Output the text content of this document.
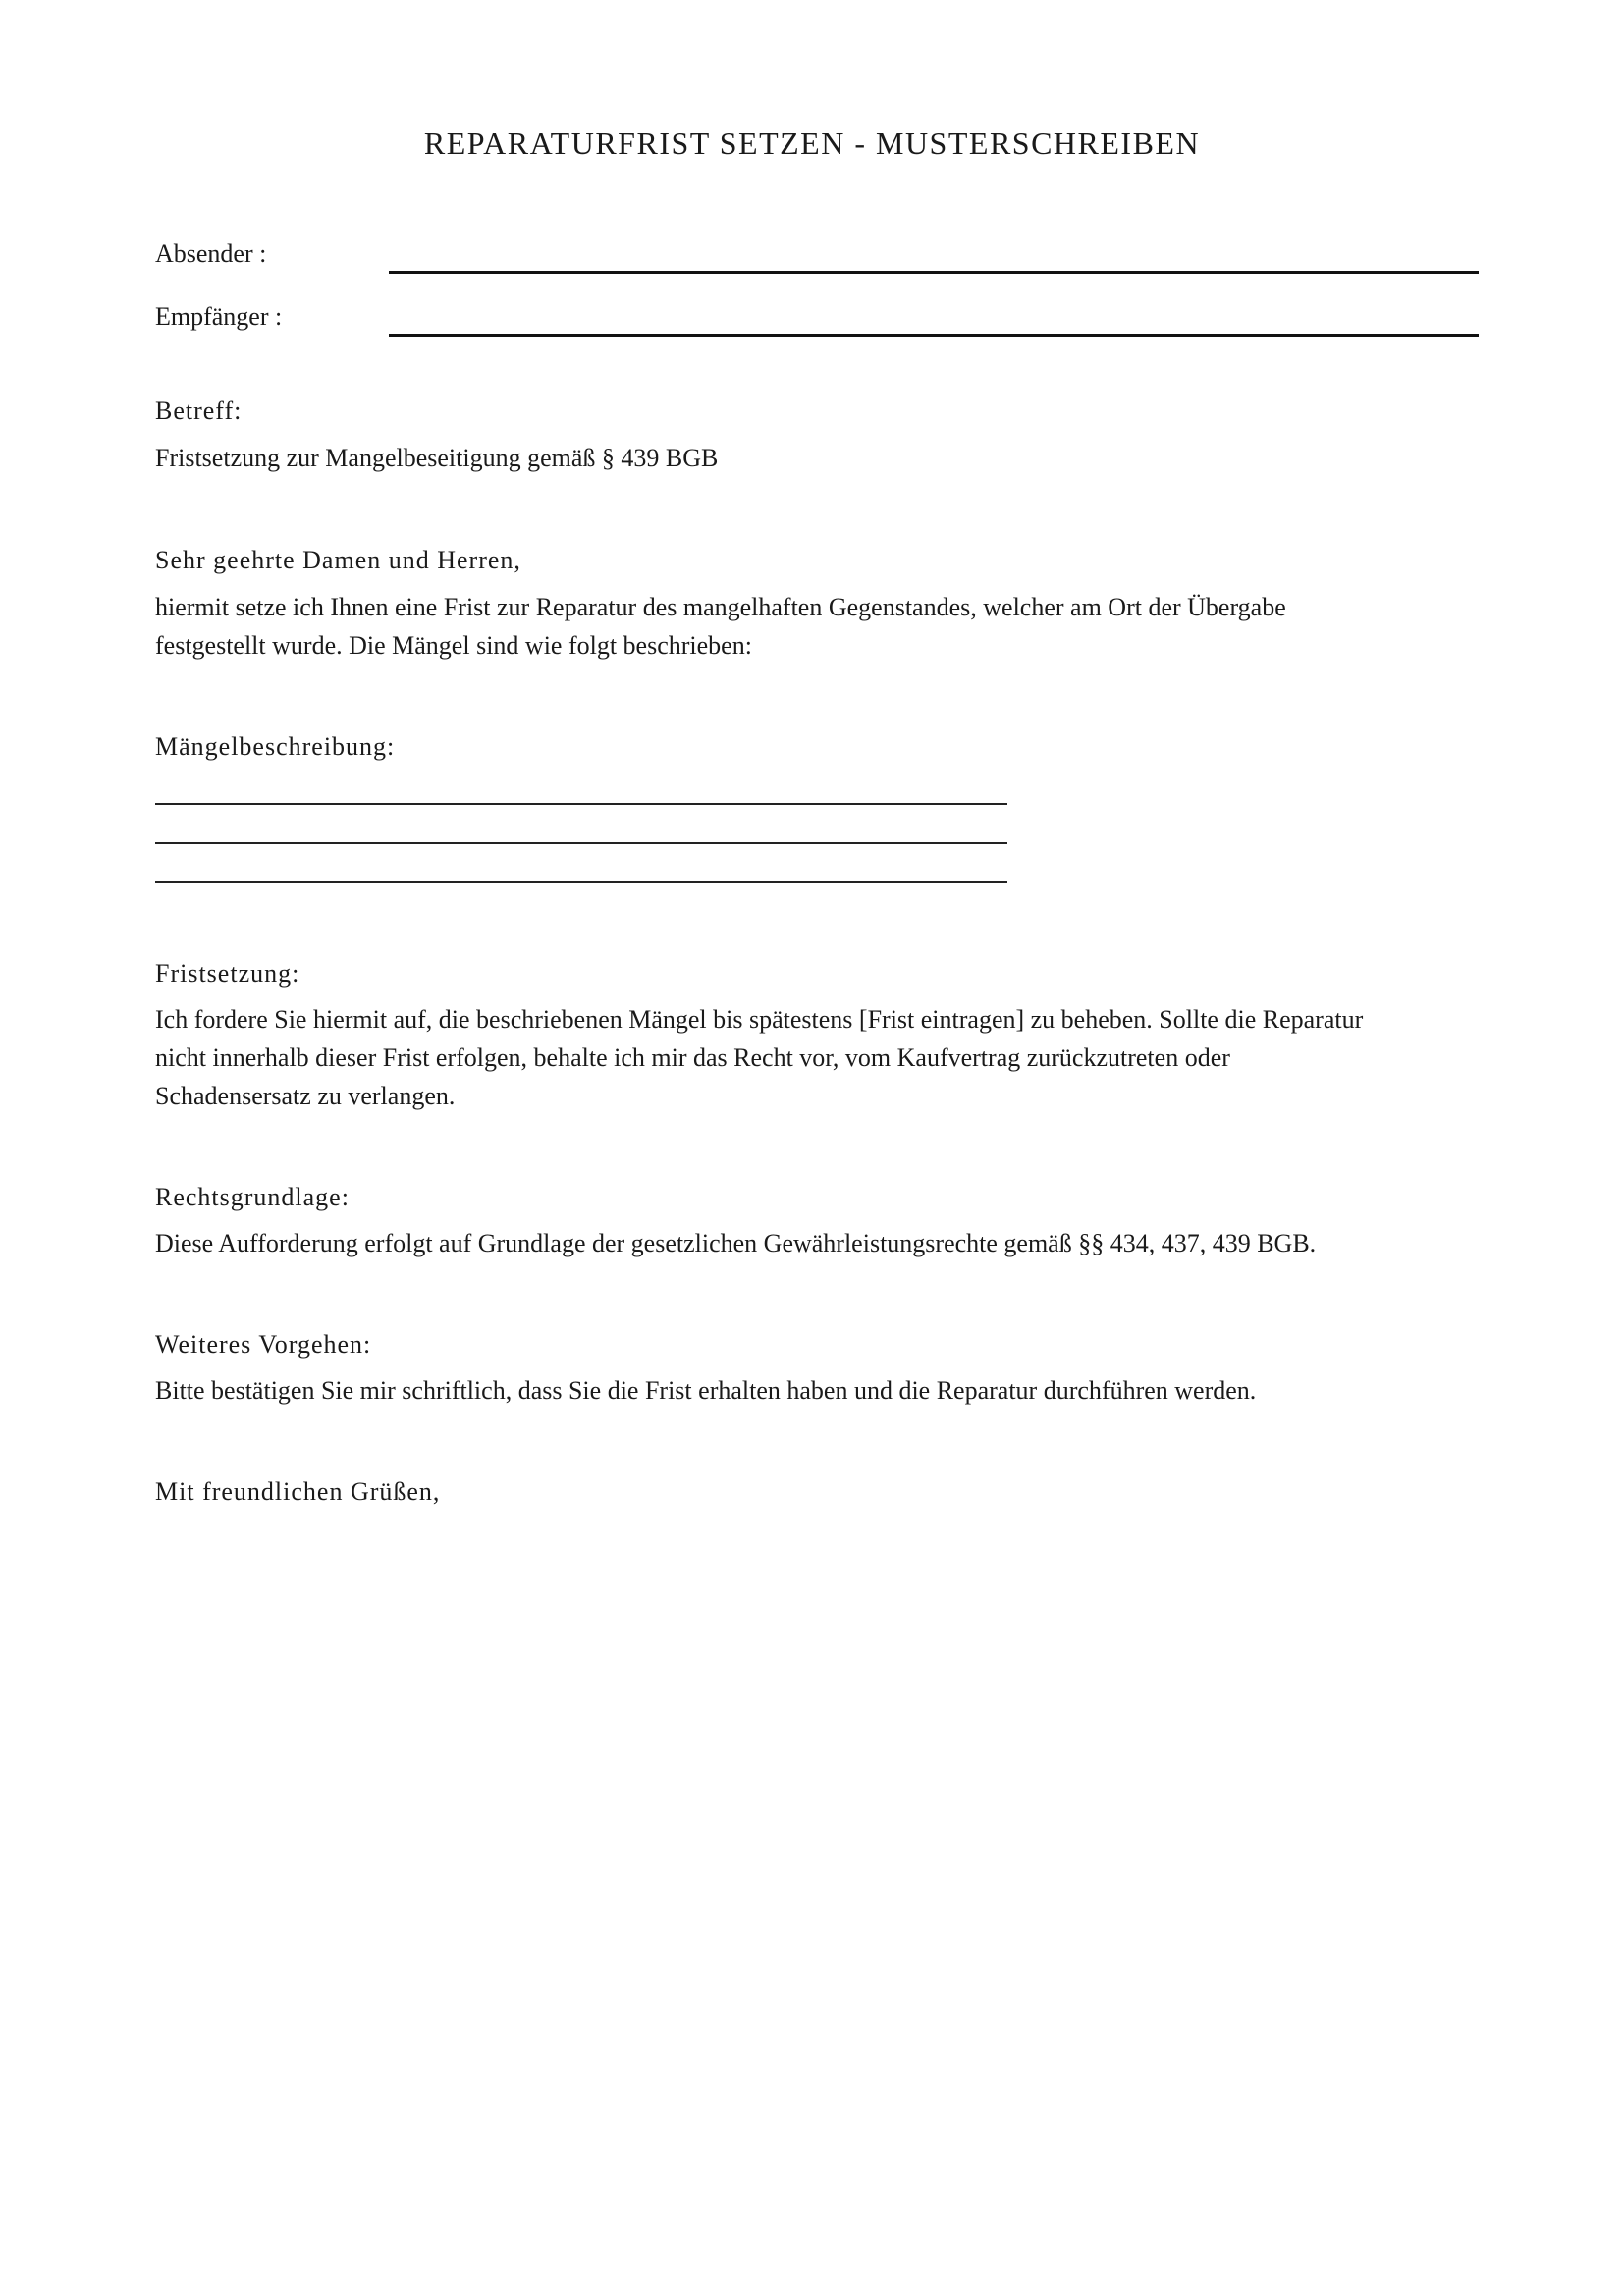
REPARATURFRIST SETZEN - MUSTERSCHREIBEN
Absender :
Empfänger :
Betreff:
Fristsetzung zur Mangelbeseitigung gemäß § 439 BGB
Sehr geehrte Damen und Herren,
hiermit setze ich Ihnen eine Frist zur Reparatur des mangelhaften Gegenstandes, welcher am Ort der Übergabe
festgestellt wurde. Die Mängel sind wie folgt beschrieben:
Mängelbeschreibung:
Fristsetzung:
Ich fordere Sie hiermit auf, die beschriebenen Mängel bis spätestens [Frist eintragen] zu beheben. Sollte die Reparatur
nicht innerhalb dieser Frist erfolgen, behalte ich mir das Recht vor, vom Kaufvertrag zurückzutreten oder
Schadensersatz zu verlangen.
Rechtsgrundlage:
Diese Aufforderung erfolgt auf Grundlage der gesetzlichen Gewährleistungsrechte gemäß §§ 434, 437, 439 BGB.
Weiteres Vorgehen:
Bitte bestätigen Sie mir schriftlich, dass Sie die Frist erhalten haben und die Reparatur durchführen werden.
Mit freundlichen Grüßen,
